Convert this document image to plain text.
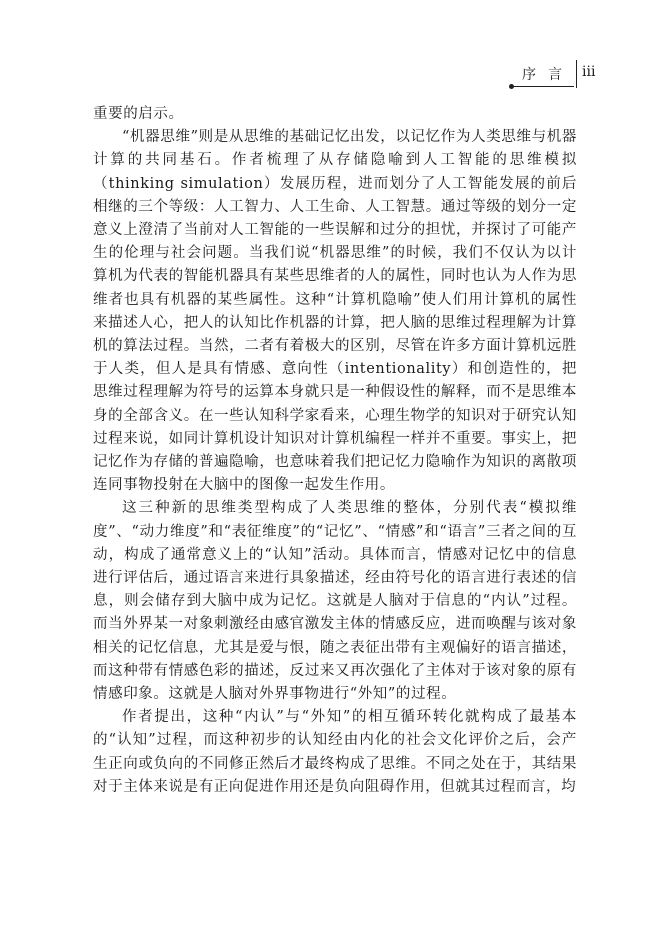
序言 iii

重要的启示。

“机器思维”则是从思维的基础记忆出发，以记忆作为人类思维与机器计算的共同基石。作者梳理了从存储隐喻到人工智能的思维模拟（thinking simulation）发展历程，进而划分了人工智能发展的前后相继的三个等级：人工智力、人工生命、人工智慧。通过等级的划分一定意义上澄清了当前对人工智能的一些误解和过分的担忧，并探讨了可能产生的伦理与社会问题。当我们说“机器思维”的时候，我们不仅认为以计算机为代表的智能机器具有某些思维者的人的属性，同时也认为人作为思维者也具有机器的某些属性。这种“计算机隐喻”使人们用计算机的属性来描述人心，把人的认知比作机器的计算，把人脑的思维过程理解为计算机的算法过程。当然，二者有着极大的区别，尽管在许多方面计算机远胜于人类，但人是具有情感、意向性（intentionality）和创造性的，把思维过程理解为符号的运算本身就只是一种假设性的解释，而不是思维本身的全部含义。在一些认知科学家看来，心理生物学的知识对于研究认知过程来说，如同计算机设计知识对计算机编程一样并不重要。事实上，把记忆作为存储的普遍隐喻，也意味着我们把记忆力隐喻作为知识的离散项连同事物投射在大脑中的图像一起发生作用。

这三种新的思维类型构成了人类思维的整体，分别代表“模拟维度”、“动力维度”和“表征维度”的“记忆”、“情感”和“语言”三者之间的互动，构成了通常意义上的“认知”活动。具体而言，情感对记忆中的信息进行评估后，通过语言来进行具象描述，经由符号化的语言进行表述的信息，则会储存到大脑中成为记忆。这就是人脑对于信息的“内认”过程。而当外界某一对象刺激经由感官激发主体的情感反应，进而唤醒与该对象相关的记忆信息，尤其是爱与恨，随之表征出带有主观偏好的语言描述，而这种带有情感色彩的描述，反过来又再次强化了主体对于该对象的原有情感印象。这就是人脑对外界事物进行“外知”的过程。

作者提出，这种“内认”与“外知”的相互循环转化就构成了最基本的“认知”过程，而这种初步的认知经由内化的社会文化评价之后，会产生正向或负向的不同修正然后才最终构成了思维。不同之处在于，其结果对于主体来说是有正向促进作用还是负向阻碍作用，但就其过程而言，均
